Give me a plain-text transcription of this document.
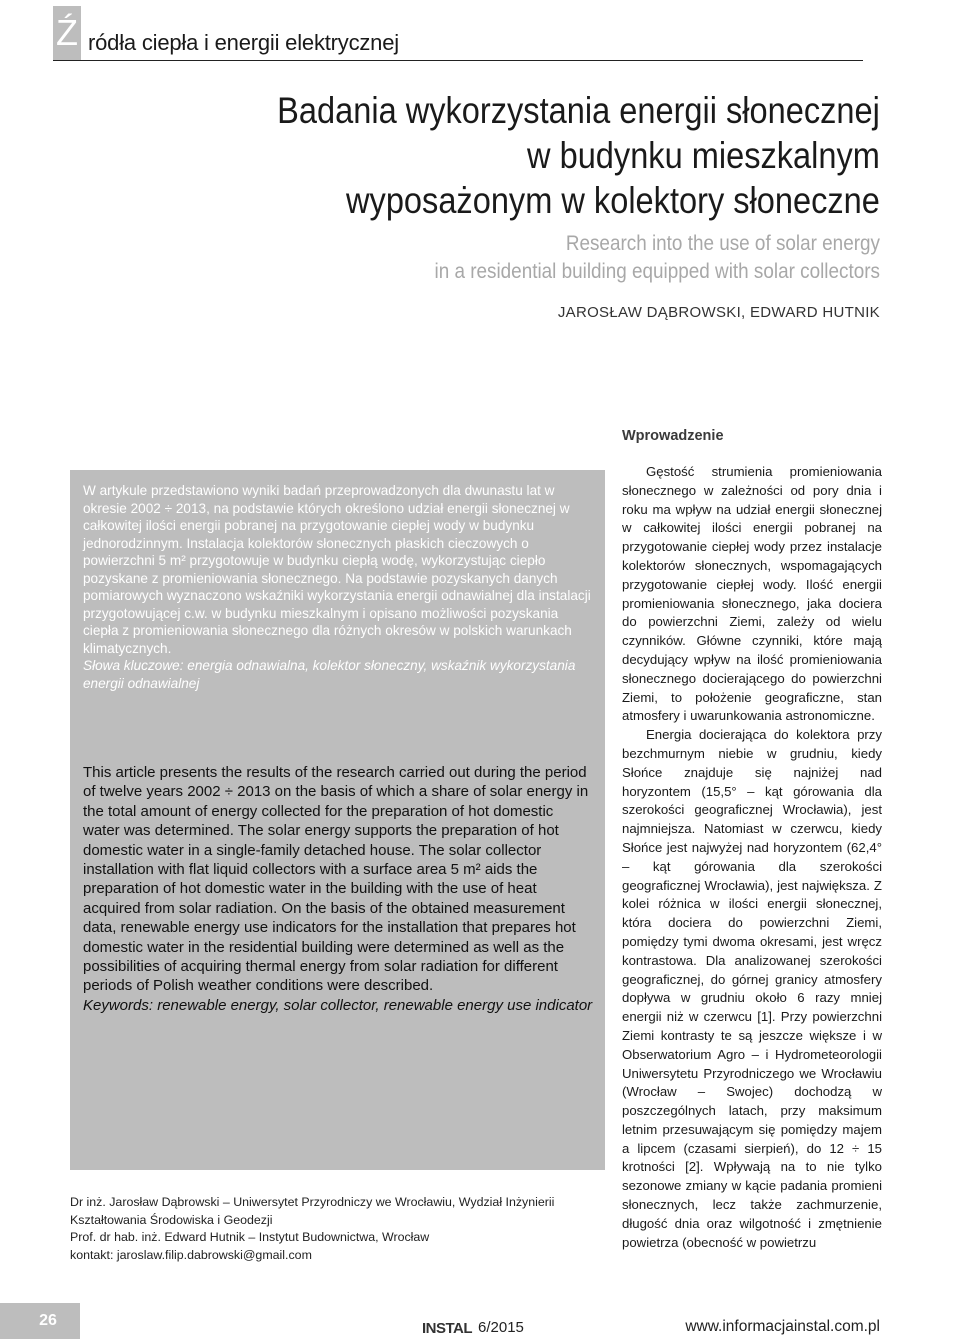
Ź ródła ciepła i energii elektrycznej
Badania wykorzystania energii słonecznej
w budynku mieszkalnym
wyposażonym w kolektory słoneczne
Research into the use of solar energy
in a residential building equipped with solar collectors
JAROSŁAW DĄBROWSKI, EDWARD HUTNIK
W artykule przedstawiono wyniki badań przeprowadzonych dla dwunastu lat w okresie 2002 ÷ 2013, na podstawie których określono udział energii słonecznej w całkowitej ilości energii pobranej na przygotowanie ciepłej wody w budynku jednorodzinnym. Instalacja kolektorów słonecznych płaskich cieczowych o powierzchni 5 m² przygotowuje w budynku ciepłą wodę, wykorzystując ciepło pozyskane z promieniowania słonecznego. Na podstawie pozyskanych danych pomiarowych wyznaczono wskaźniki wykorzystania energii odnawialnej dla instalacji przygotowującej c.w. w budynku mieszkalnym i opisano możliwości pozyskania ciepła z promieniowania słonecznego dla różnych okresów w polskich warunkach klimatycznych.
Słowa kluczowe: energia odnawialna, kolektor słoneczny, wskaźnik wykorzystania energii odnawialnej
This article presents the results of the research carried out during the period of twelve years 2002 ÷ 2013 on the basis of which a share of solar energy in the total amount of energy collected for the preparation of hot domestic water was determined. The solar energy supports the preparation of hot domestic water in a single-family detached house. The solar collector installation with flat liquid collectors with a surface area 5 m² aids the preparation of hot domestic water in the building with the use of heat acquired from solar radiation. On the basis of the obtained measurement data, renewable energy use indicators for the installation that prepares hot domestic water in the residential building were determined as well as the possibilities of acquiring thermal energy from solar radiation for different periods of Polish weather conditions were described.
Keywords: renewable energy, solar collector, renewable energy use indicator
Dr inż. Jarosław Dąbrowski – Uniwersytet Przyrodniczy we Wrocławiu, Wydział Inżynierii Kształtowania Środowiska i Geodezji
Prof. dr hab. inż. Edward Hutnik – Instytut Budownictwa, Wrocław
kontakt: jaroslaw.filip.dabrowski@gmail.com
Wprowadzenie

Gęstość strumienia promieniowania słonecznego w zależności od pory dnia i roku ma wpływ na udział energii słonecznej w całkowitej ilości energii pobranej na przygotowanie ciepłej wody przez instalacje kolektorów słonecznych, wspomagających przygotowanie ciepłej wody. Ilość energii promieniowania słonecznego, jaka dociera do powierzchni Ziemi, zależy od wielu czynników. Główne czynniki, które mają decydujący wpływ na ilość promieniowania słonecznego docierającego do powierzchni Ziemi, to położenie geograficzne, stan atmosfery i uwarunkowania astronomiczne.

Energia docierająca do kolektora przy bezchmurnym niebie w grudniu, kiedy Słońce znajduje się najniżej nad horyzontem (15,5° – kąt górowania dla szerokości geograficznej Wrocławia), jest najmniejsza. Natomiast w czerwcu, kiedy Słońce jest najwyżej nad horyzontem (62,4° – kąt górowania dla szerokości geograficznej Wrocławia), jest największa. Z kolei różnica w ilości energii słonecznej, która dociera do powierzchni Ziemi, pomiędzy tymi dwoma okresami, jest wręcz kontrastowa. Dla analizowanej szerokości geograficznej, do górnej granicy atmosfery dopływa w grudniu około 6 razy mniej energii niż w czerwcu [1]. Przy powierzchni Ziemi kontrasty te są jeszcze większe i w Obserwatorium Agro – i Hydrometeorologii Uniwersytetu Przyrodniczego we Wrocławiu (Wrocław – Swojec) dochodzą w poszczególnych latach, przy maksimum letnim przesuwającym się pomiędzy majem a lipcem (czasami sierpień), do 12 ÷ 15 krotności [2]. Wpływają na to nie tylko sezonowe zmiany w kącie padania promieni słonecznych, lecz także zachmurzenie, długość dnia oraz wilgotność i zmętnienie powietrza (obecność w powietrzu

26	INSTAL 6/2015	www.informacjainstal.com.pl
